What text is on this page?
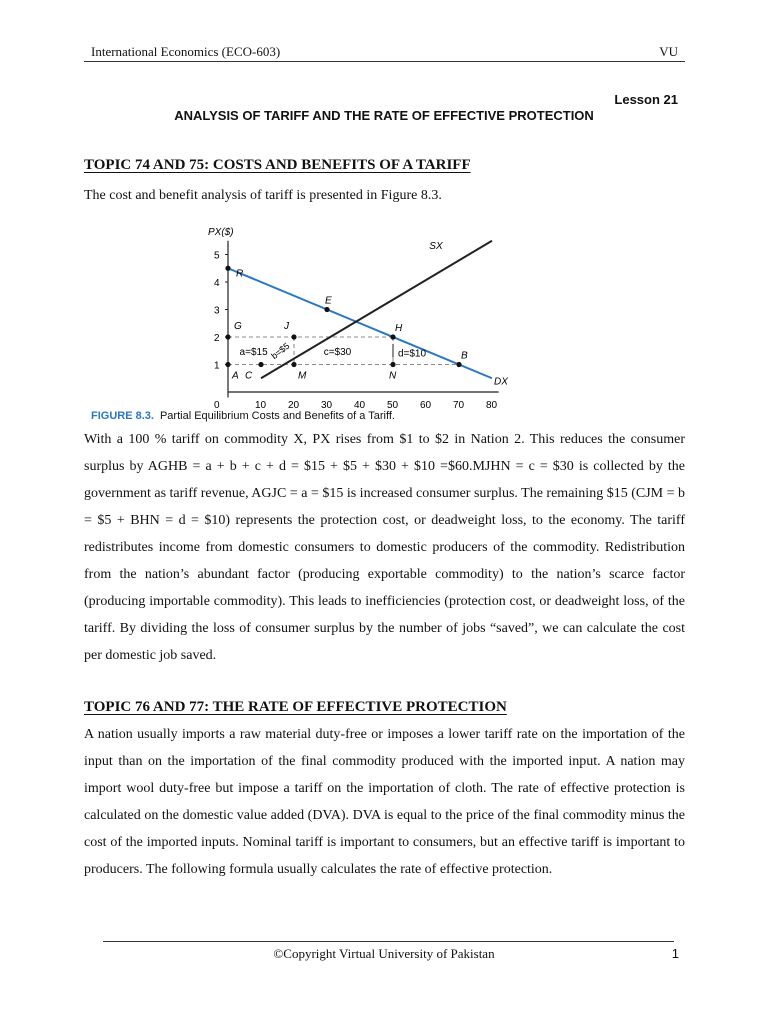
International Economics (ECO-603)	VU
Lesson 21
ANALYSIS OF TARIFF AND THE RATE OF EFFECTIVE PROTECTION
TOPIC 74 AND 75: COSTS AND BENEFITS OF A TARIFF

The cost and benefit analysis of tariff is presented in Figure 8.3.

PX($)
0	10 20 30 40 50 60 70 80
1
2
3
4
5
DX
SX
R
E
G	J	H
A C	M	N
B
a=$15 b=$5	c=$30	d=$10
FIGURE 8.3. Partial Equilibrium Costs and Benefits of a Tariff.

With a 100 % tariff on commodity X, PX rises from $1 to $2 in Nation 2. This reduces the consumer surplus by AGHB = a + b + c + d = $15 + $5 + $30 + $10 =$60.MJHN = c = $30 is collected by the government as tariff revenue, AGJC = a = $15 is increased consumer surplus. The remaining $15 (CJM = b = $5 + BHN = d = $10) represents the protection cost, or deadweight loss, to the economy. The tariff redistributes income from domestic consumers to domestic producers of the commodity. Redistribution from the nation’s abundant factor (producing exportable commodity) to the nation’s scarce factor (producing importable commodity). This leads to inefficiencies (protection cost, or deadweight loss, of the tariff. By dividing the loss of consumer surplus by the number of jobs “saved”, we can calculate the cost per domestic job saved.

TOPIC 76 AND 77: THE RATE OF EFFECTIVE PROTECTION

A nation usually imports a raw material duty-free or imposes a lower tariff rate on the importation of the input than on the importation of the final commodity produced with the imported input. A nation may import wool duty-free but impose a tariff on the importation of cloth. The rate of effective protection is calculated on the domestic value added (DVA). DVA is equal to the price of the final commodity minus the cost of the imported inputs. Nominal tariff is important to consumers, but an effective tariff is important to producers. The following formula usually calculates the rate of effective protection.

©Copyright Virtual University of Pakistan	1
